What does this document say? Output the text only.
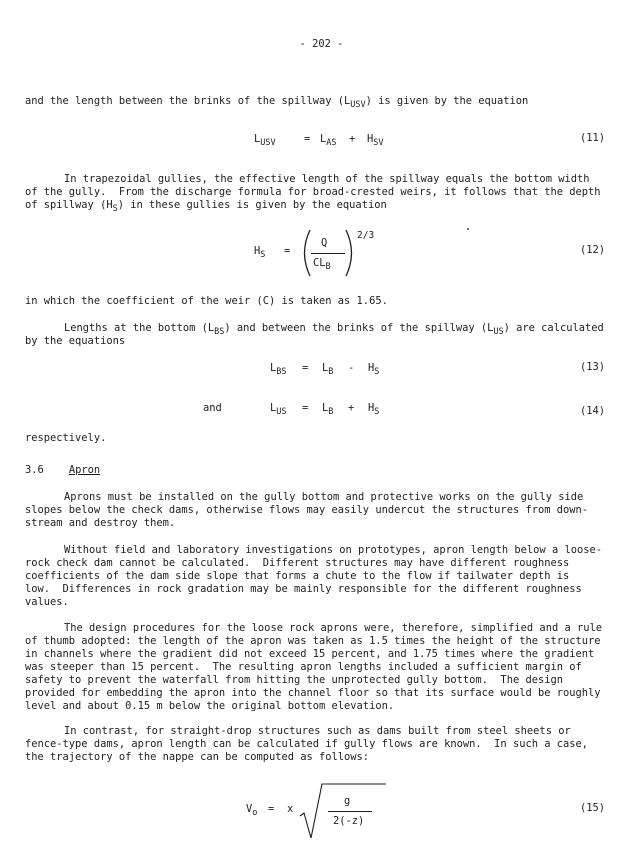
- 202 -
and the length between the brinks of the spillway $(L_{USV})$ is given by the equation
$L_{USV}$	= $L_{AS} + H_{SV}$	(11)
In trapezoidal gullies, the effective length of the spillway equals the bottom width
of the gully.  From the discharge formula for broad-crested weirs, it follows that the depth
of spillway $(H_S)$ in these gullies is given by the equation
$H_S$ =
Q
$CL_B$
2/3
(12)
in which the coefficient of the weir (C) is taken as 1.65.
Lengths at the bottom $(L_{BS})$ and between the brinks of the spillway $(L_{US})$ are calculated
by the equations
$L_{BS} = L_B - H_S$	(13)
and	$L_{US} = L_B + H_S$	(14)
respectively.
3.6 Apron
Aprons must be installed on the gully bottom and protective works on the gully side
slopes below the check dams, otherwise flows may easily undercut the structures from down-
stream and destroy them.
Without field and laboratory investigations on prototypes, apron length below a loose-
rock check dam cannot be calculated.  Different structures may have different roughness
coefficients of the dam side slope that forms a chute to the flow if tailwater depth is
low.  Differences in rock gradation may be mainly responsible for the different roughness
values.
The design procedures for the loose rock aprons were, therefore, simplified and a rule
of thumb adopted: the length of the apron was taken as 1.5 times the height of the structure
in channels where the gradient did not exceed 15 percent, and 1.75 times where the gradient
was steeper than 15 percent.  The resulting apron lengths included a sufficient margin of
safety to prevent the waterfall from hitting the unprotected gully bottom.  The design
provided for embedding the apron into the channel floor so that its surface would be roughly
level and about 0.15 m below the original bottom elevation.
In contrast, for straight-drop structures such as dams built from steel sheets or
fence-type dams, apron length can be calculated if gully flows are known.  In such a case,
the trajectory of the nappe can be computed as follows:
$V_o = x$
g
2(-z)
(15)
